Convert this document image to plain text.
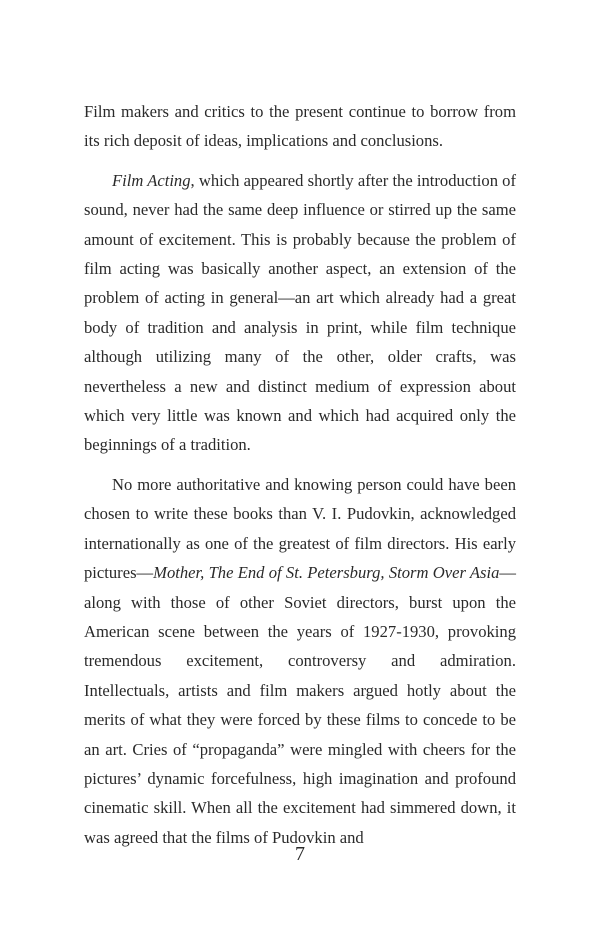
Film makers and critics to the present continue to borrow from its rich deposit of ideas, implications and conclusions.

Film Acting, which appeared shortly after the introduction of sound, never had the same deep influence or stirred up the same amount of excitement. This is probably because the problem of film acting was basically another aspect, an extension of the problem of acting in general—an art which already had a great body of tradition and analysis in print, while film technique although utilizing many of the other, older crafts, was nevertheless a new and distinct medium of expression about which very little was known and which had acquired only the beginnings of a tradition.

No more authoritative and knowing person could have been chosen to write these books than V. I. Pudovkin, acknowledged internationally as one of the greatest of film directors. His early pictures—Mother, The End of St. Petersburg, Storm Over Asia—along with those of other Soviet directors, burst upon the American scene between the years of 1927-1930, provoking tremendous excitement, controversy and admiration. Intellectuals, artists and film makers argued hotly about the merits of what they were forced by these films to concede to be an art. Cries of “propaganda” were mingled with cheers for the pictures’ dynamic forcefulness, high imagination and profound cinematic skill. When all the excitement had simmered down, it was agreed that the films of Pudovkin and

7
